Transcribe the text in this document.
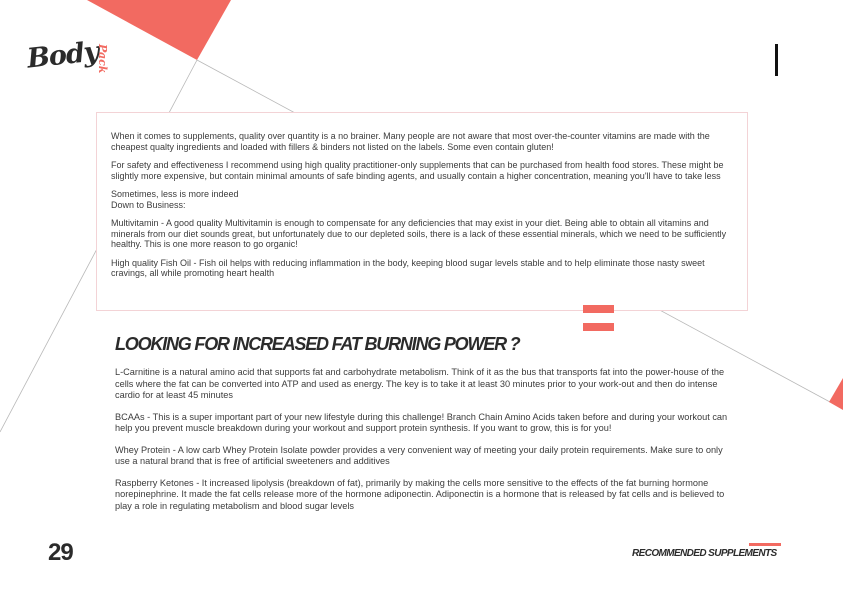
Body
Pack

When it comes to supplements, quality over quantity is a no brainer. Many people are not aware that most over-the-counter vitamins are made with the cheapest qualty ingredients and loaded with fillers & binders not listed on the labels. Some even contain gluten!

For safety and effectiveness I recommend using high quality practitioner-only supplements that can be purchased from health food stores. These might be slightly more expensive, but contain minimal amounts of safe binding agents, and usually contain a higher concentration, meaning you'll have to take less

Sometimes, less is more indeed

Down to Business:

Multivitamin - A good quality Multivitamin is enough to compensate for any deficiencies that may exist in your diet. Being able to obtain all vitamins and minerals from our diet sounds great, but unfortunately due to our depleted soils, there is a lack of these essential minerals, which we need to be sufficiently healthy. This is one more reason to go organic!

High quality Fish Oil - Fish oil helps with reducing inflammation in the body, keeping blood sugar levels stable and to help eliminate those nasty sweet cravings, all while promoting heart health

LOOKING FOR INCREASED FAT BURNING POWER ?

L-Carnitine is a natural amino acid that supports fat and carbohydrate metabolism. Think of it as the bus that transports fat into the power-house of the cells where the fat can be converted into ATP and used as energy. The key is to take it at least 30 minutes prior to your work-out and then do intense cardio for at least 45 minutes

BCAAs - This is a super important part of your new lifestyle during this challenge! Branch Chain Amino Acids taken before and during your workout can help you prevent muscle breakdown during your workout and support protein synthesis. If you want to grow, this is for you!

Whey Protein - A low carb Whey Protein Isolate powder provides a very convenient way of meeting your daily protein requirements. Make sure to only use a natural brand that is free of artificial sweeteners and additives

Raspberry Ketones - It increased lipolysis (breakdown of fat), primarily by making the cells more sensitive to the effects of the fat burning hormone norepinephrine. It made the fat cells release more of the hormone adiponectin. Adiponectin is a hormone that is released by fat cells and is believed to play a role in regulating metabolism and blood sugar levels

29	RECOMMENDED SUPPLEMENTS
